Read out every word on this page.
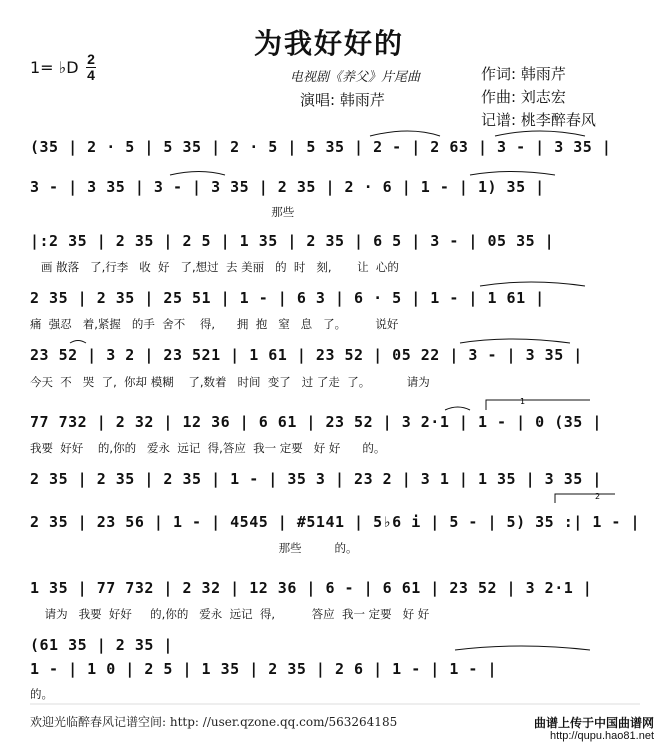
为我好好的
1= ♭D 2
4	电视剧《养父》片尾曲
演唱: 韩雨芹
作词: 韩雨芹
作曲: 刘志宏
记谱: 桃李醉春风
(35 | 2 · 5 | 5 35 | 2 · 5 | 5 35 | 2 - | 2 63 | 3 - | 3 35 |
3 - | 3 35 | 3 - | 3 35 | 2 35 | 2 · 6 | 1 - | 1) 35 |
那些
|:2 35 | 2 35 | 2 5 | 1 35 | 2 35 | 6 5 | 3 - | 05 35 |
画 散落   了,行李   收  好   了,想过  去 美丽   的  时   刻,       让  心的
2 35 | 2 35 | 25 51 | 1 - | 6 3 | 6 · 5 | 1 - | 1 61 |
痛  强忍   着,紧握   的手  舍不    得,      拥  抱   窒   息   了。        说好
23 52 | 3 2 | 23 521 | 1 61 | 23 52 | 05 22 | 3 - | 3 35 |
今天  不   哭  了,  你却 模糊    了,数着   时间  变了   过 了走  了。          请为
77 732 | 2 32 | 12 36 | 6 61 | 23 52 | 3 2·1 | 1 - | 0 (35 |
我要  好好    的,你的   爱永  远记  得,答应  我一 定要   好 好      的。
2 35 | 2 35 | 2 35 | 1 - | 35 3 | 23 2 | 3 1 | 1 35 | 3 35 |
2 35 | 23 56 | 1 - | 4545 | #5141 | 5♭6 i | 5 - | 5) 35 :| 1 - |
那些         的。
1 35 | 77 732 | 2 32 | 12 36 | 6 - | 6 61 | 23 52 | 3 2·1 |
请为   我要  好好     的,你的   爱永  远记  得,          答应  我一 定要   好 好
(61 35 | 2 35 |
1 - | 1 0 | 2 5 | 1 35 | 2 35 | 2 6 | 1 - | 1 - |
的。
1
2
欢迎光临醉春风记谱空间: http: //user.qzone.qq.com/563264185	曲谱上传于中国曲谱网
http://qupu.hao81.net
